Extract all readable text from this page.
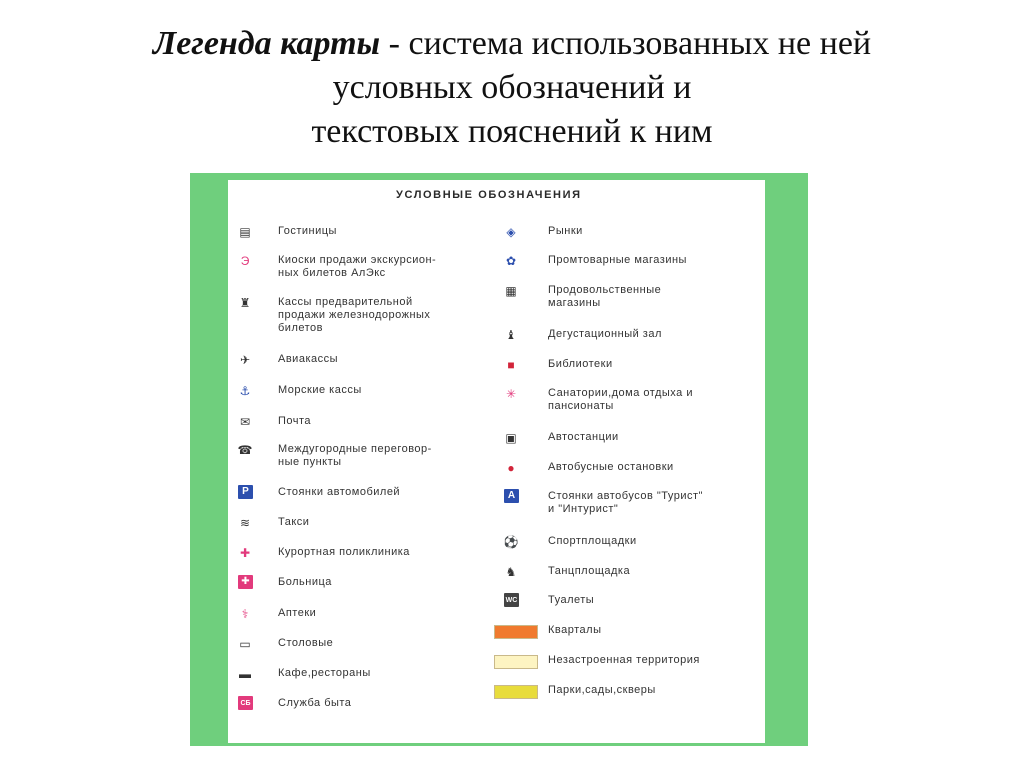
Легенда карты - система использованных не ней
условных обозначений и
текстовых пояснений к ним
УСЛОВНЫЕ ОБОЗНАЧЕНИЯ
▤	Гостиницы
Э	Киоски продажи экскурсион-
ных билетов АлЭкс
♜	Кассы предварительной
продажи железнодорожных
билетов
✈	Авиакассы
⚓	Морские кассы
✉	Почта
☎	Междугородные переговор-
ные пункты
P	Стоянки автомобилей
≋	Такси
✚	Курортная поликлиника
✚	Больница
⚕	Аптеки
▭	Столовые
▬	Кафе,рестораны
СБ Служба быта
◈	Рынки
✿	Промтоварные магазины
▦	Продовольственные
магазины
♝	Дегустационный зал
■	Библиотеки
✳	Санатории,дома отдыха и
пансионаты
▣	Автостанции
●	Автобусные остановки
A	Стоянки автобусов "Турист"
и "Интурист"
⚽	Спортплощадки
♞	Танцплощадка
WC	Туалеты
Кварталы
Незастроенная территория
Парки,сады,скверы
